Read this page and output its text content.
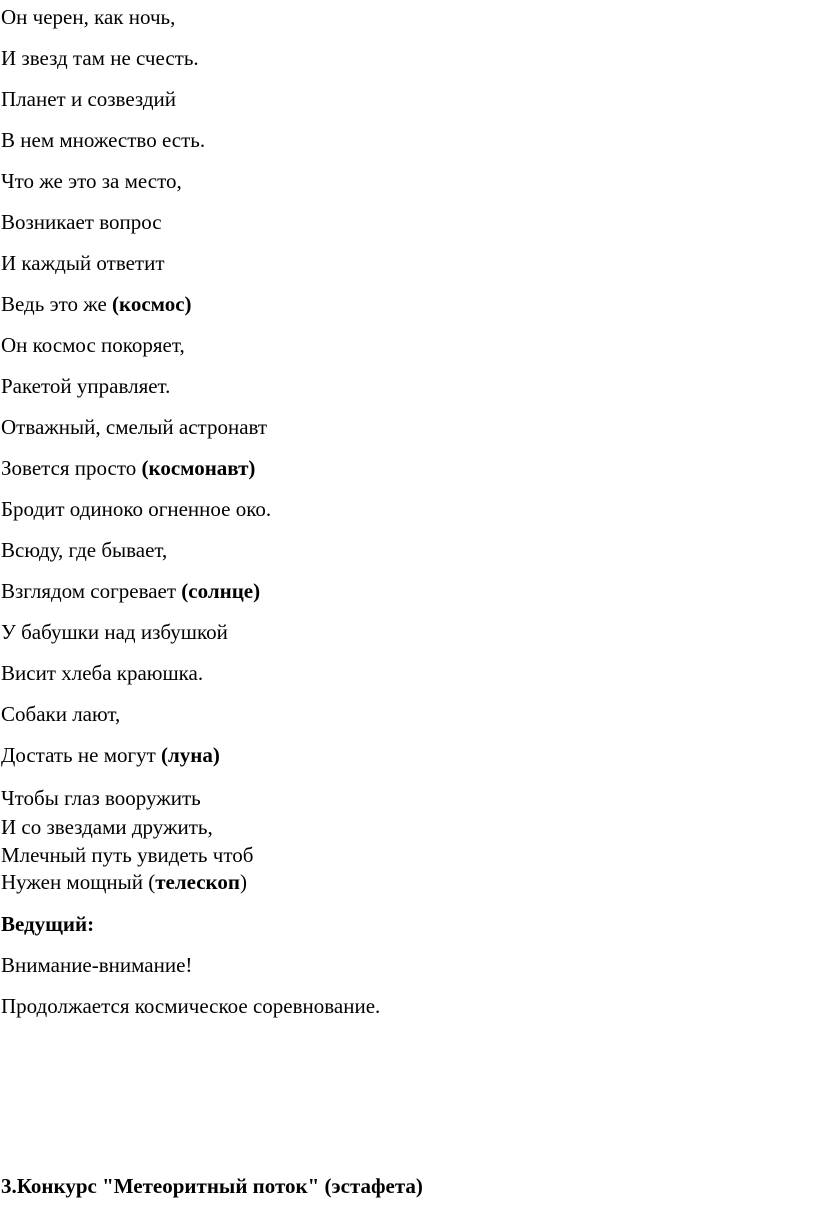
Он черен, как ночь,
И звезд там не счесть.
Планет и созвездий
В нем множество есть.
Что же это за место,
Возникает вопрос
И каждый ответит
Ведь это же (космос)
Он космос покоряет,
Ракетой управляет.
Отважный, смелый астронавт
Зовется просто (космонавт)
Бродит одиноко огненное око.
Всюду, где бывает,
Взглядом согревает (солнце)
У бабушки над избушкой
Висит хлеба краюшка.
Собаки лают,
Достать не могут (луна)
Чтобы глаз вооружить
И со звездами дружить,
Млечный путь увидеть чтоб
Нужен мощный (телескоп)
Ведущий:
Внимание-внимание!
Продолжается космическое соревнование.
3.Конкурс "Метеоритный поток" (эстафета)
